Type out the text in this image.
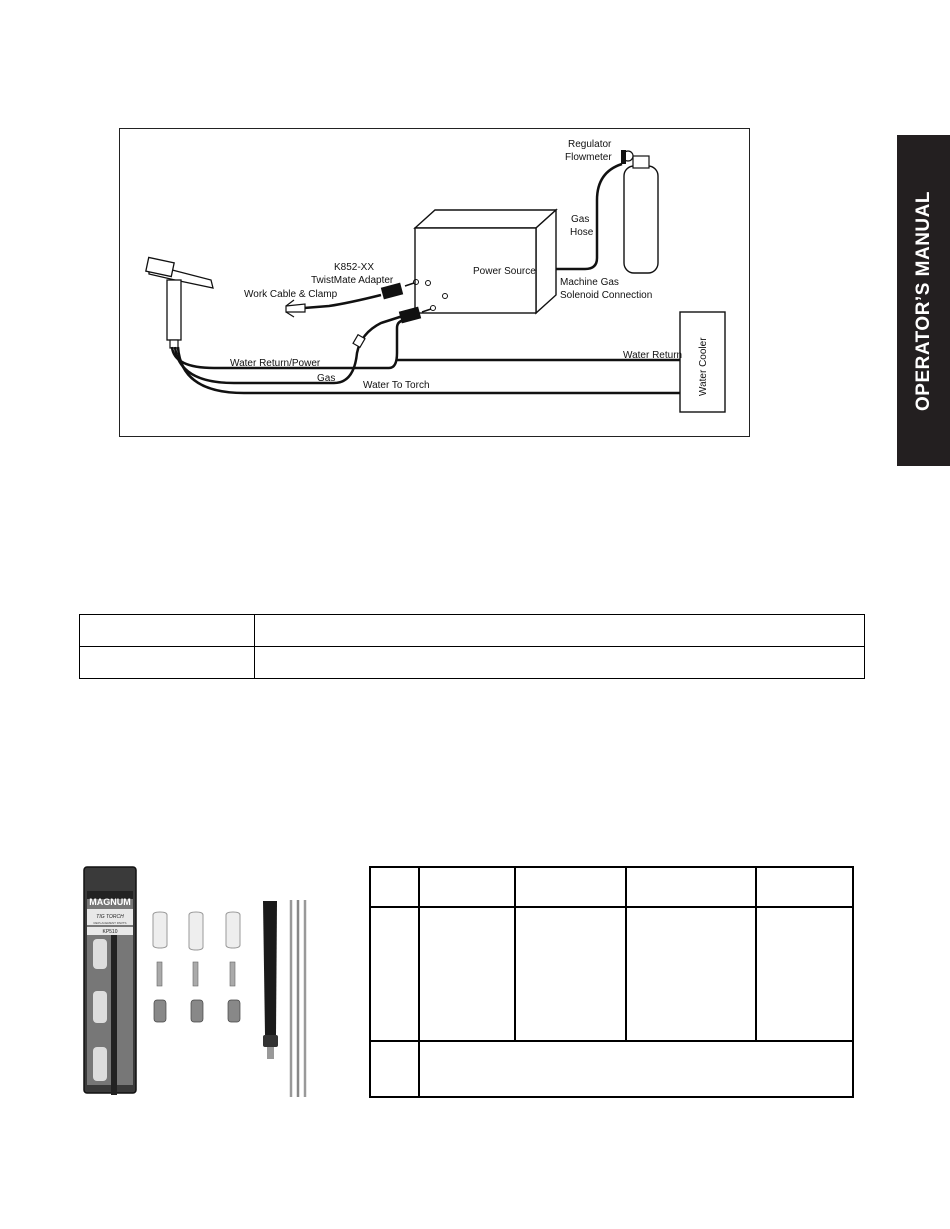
OPERATOR’S MANUAL
Regulator
Flowmeter
Gas
Hose
Power Source
K852-XX
TwistMate Adapter
Work Cable & Clamp
Machine Gas
Solenoid Connection
Water Return/Power
Gas
Water Return
Water To Torch	Water Cooler

MAGNUM
TIG TORCH
REPLACEMENT PARTS
KP510
